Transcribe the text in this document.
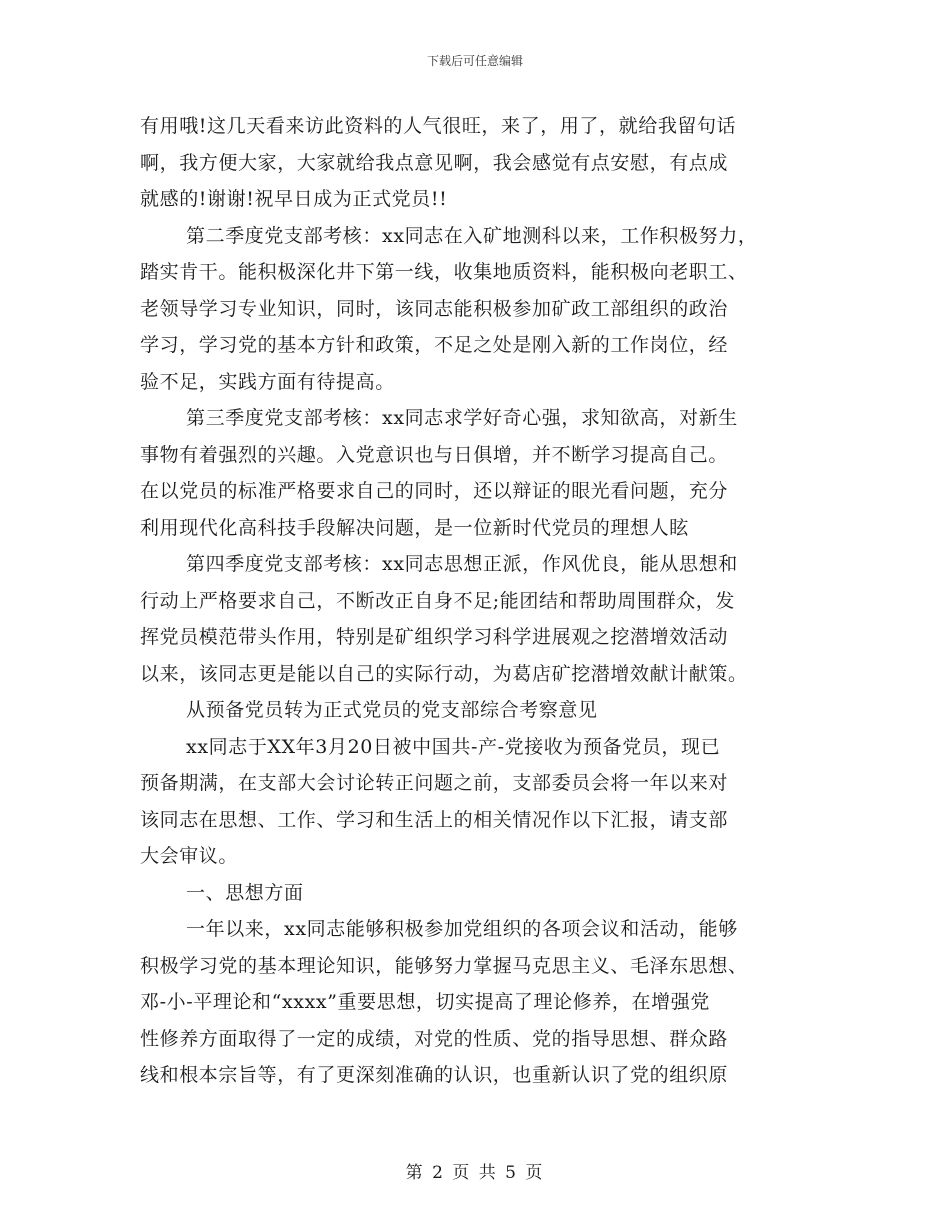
下载后可任意编辑
有用哦!这几天看来访此资料的人气很旺，来了，用了，就给我留句话
啊，我方便大家，大家就给我点意见啊，我会感觉有点安慰，有点成
就感的!谢谢!祝早日成为正式党员!!
第二季度党支部考核：xx同志在入矿地测科以来，工作积极努力，
踏实肯干。能积极深化井下第一线，收集地质资料，能积极向老职工、
老领导学习专业知识，同时，该同志能积极参加矿政工部组织的政治
学习，学习党的基本方针和政策，不足之处是刚入新的工作岗位，经
验不足，实践方面有待提高。
第三季度党支部考核：xx同志求学好奇心强，求知欲高，对新生
事物有着强烈的兴趣。入党意识也与日俱增，并不断学习提高自己。
在以党员的标准严格要求自己的同时，还以辩证的眼光看问题，充分
利用现代化高科技手段解决问题，是一位新时代党员的理想人眩
第四季度党支部考核：xx同志思想正派，作风优良，能从思想和
行动上严格要求自己，不断改正自身不足;能团结和帮助周围群众，发
挥党员模范带头作用，特别是矿组织学习科学进展观之挖潜增效活动
以来，该同志更是能以自己的实际行动，为葛店矿挖潜增效献计献策。
从预备党员转为正式党员的党支部综合考察意见
xx同志于XX年3月20日被中国共-产-党接收为预备党员，现已
预备期满，在支部大会讨论转正问题之前，支部委员会将一年以来对
该同志在思想、工作、学习和生活上的相关情况作以下汇报，请支部
大会审议。
一、思想方面
一年以来，xx同志能够积极参加党组织的各项会议和活动，能够
积极学习党的基本理论知识，能够努力掌握马克思主义、毛泽东思想、
邓-小-平理论和“xxxx”重要思想，切实提高了理论修养，在增强党
性修养方面取得了一定的成绩，对党的性质、党的指导思想、群众路
线和根本宗旨等，有了更深刻准确的认识，也重新认识了党的组织原
第 2 页 共 5 页
